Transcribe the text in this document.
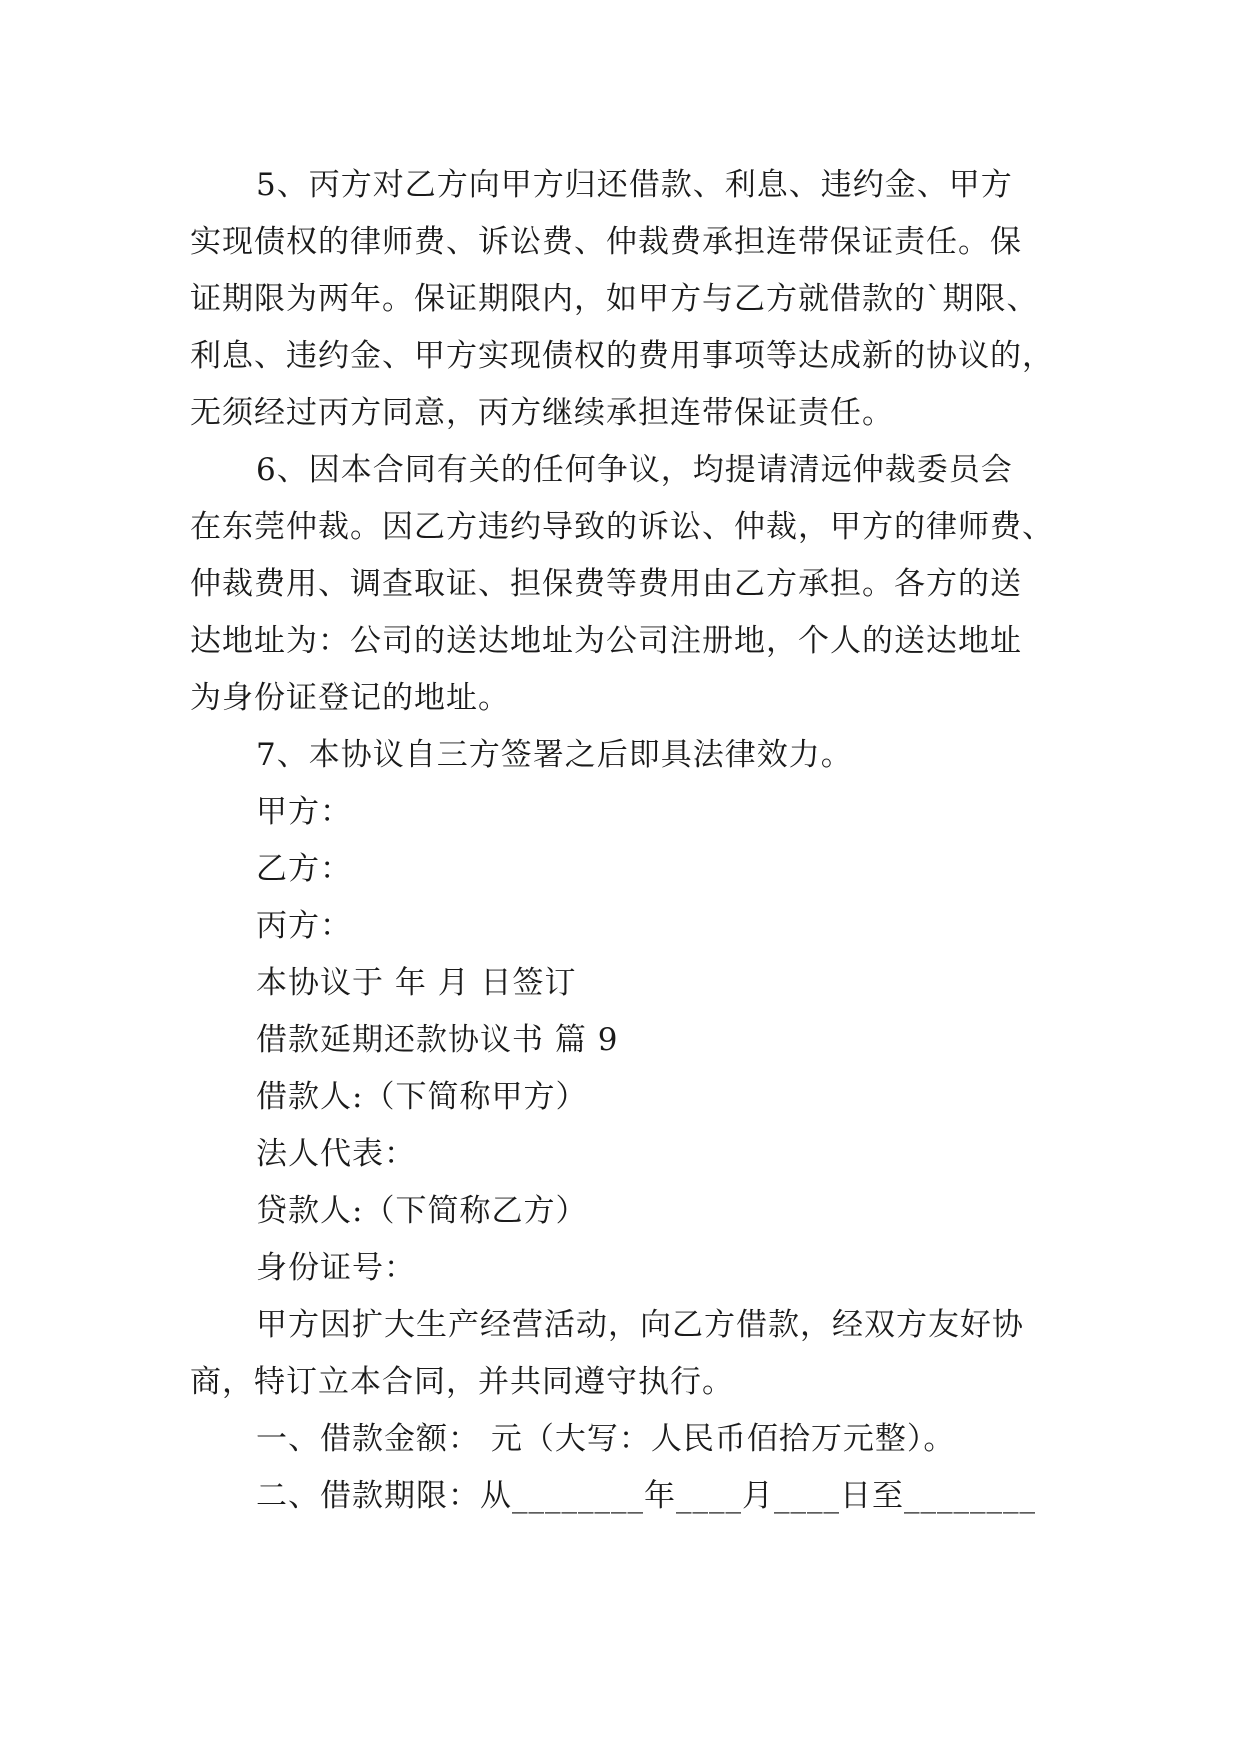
5、丙方对乙方向甲方归还借款、利息、违约金、甲方
实现债权的律师费、诉讼费、仲裁费承担连带保证责任。保
证期限为两年。保证期限内，如甲方与乙方就借款的`期限、
利息、违约金、甲方实现债权的费用事项等达成新的协议的，
无须经过丙方同意，丙方继续承担连带保证责任。
6、因本合同有关的任何争议，均提请清远仲裁委员会
在东莞仲裁。因乙方违约导致的诉讼、仲裁，甲方的律师费、
仲裁费用、调查取证、担保费等费用由乙方承担。各方的送
达地址为：公司的送达地址为公司注册地，个人的送达地址
为身份证登记的地址。
7、本协议自三方签署之后即具法律效力。
甲方：
乙方：
丙方：
本协议于 年 月 日签订
借款延期还款协议书 篇 9
借款人:（下简称甲方）
法人代表：
贷款人:（下简称乙方）
身份证号：
甲方因扩大生产经营活动，向乙方借款，经双方友好协
商，特订立本合同，并共同遵守执行。
一、借款金额： 元（大写：人民币佰拾万元整）。
二、借款期限：从________年____月____日至________
